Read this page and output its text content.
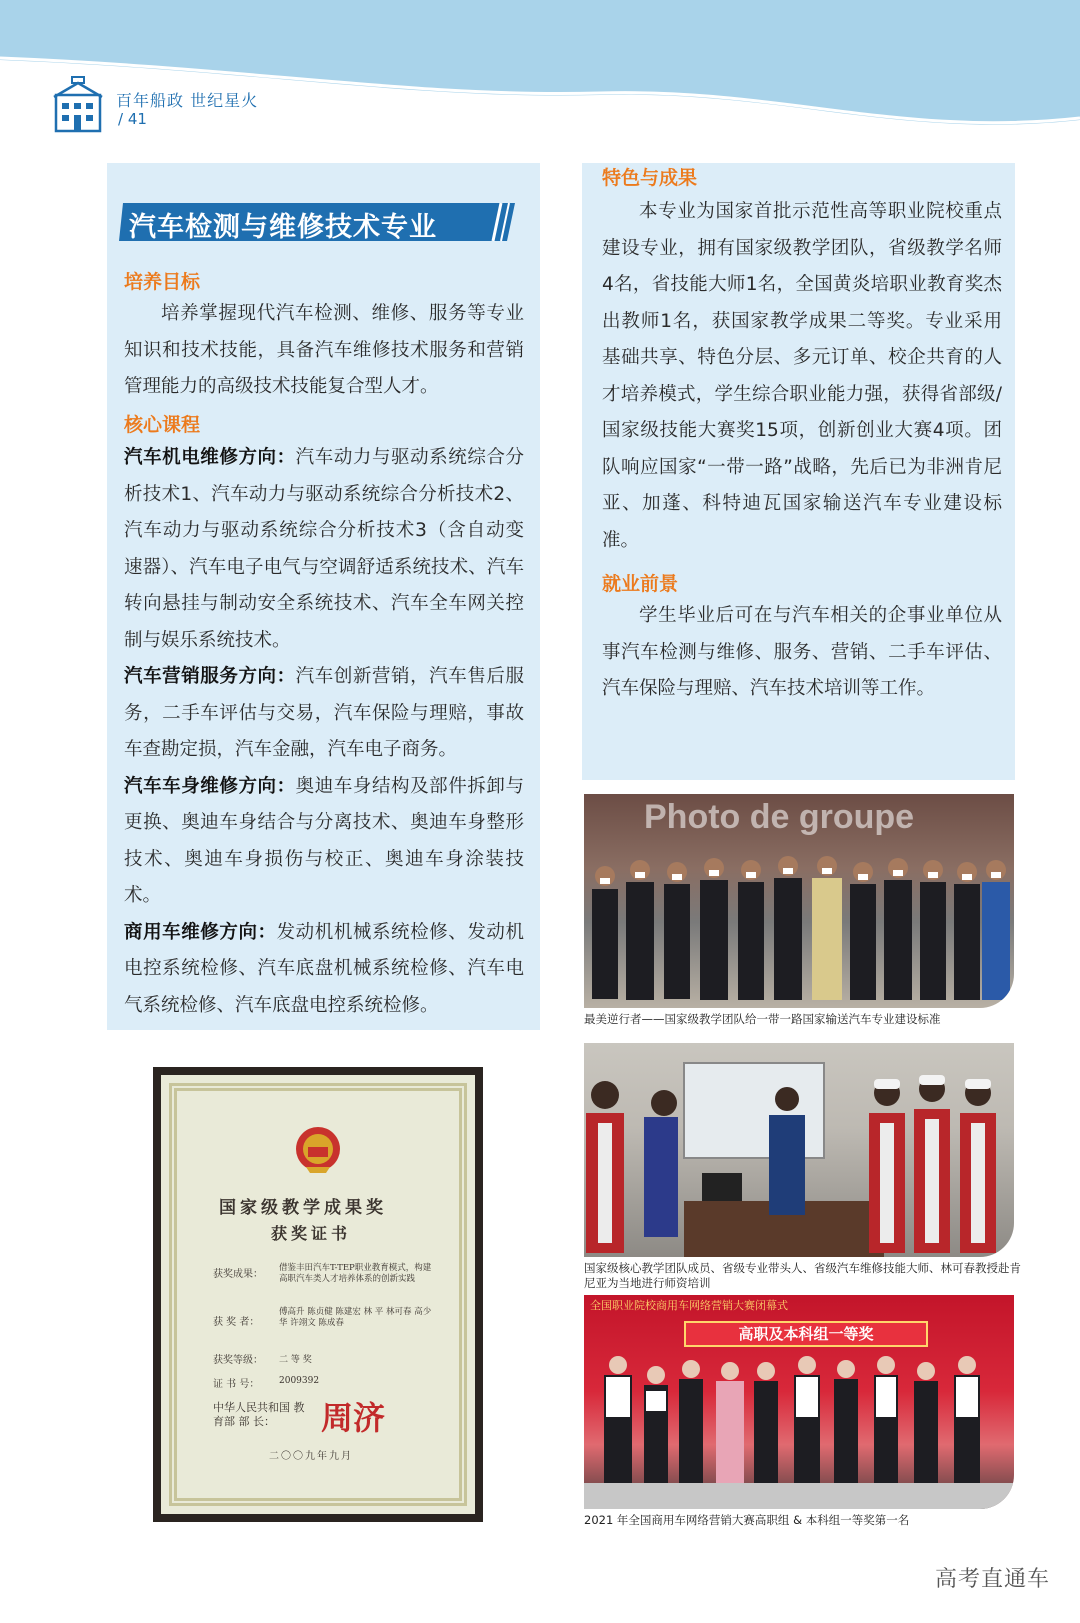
百年船政 世纪星火
/ 41
汽车检测与维修技术专业
培养目标

培养掌握现代汽车检测、维修、服务等专业知识和技术技能，具备汽车维修技术服务和营销管理能力的高级技术技能复合型人才。

核心课程

汽车机电维修方向：汽车动力与驱动系统综合分析技术1、汽车动力与驱动系统综合分析技术2、汽车动力与驱动系统综合分析技术3（含自动变速器）、汽车电子电气与空调舒适系统技术、汽车转向悬挂与制动安全系统技术、汽车全车网关控制与娱乐系统技术。

汽车营销服务方向：汽车创新营销，汽车售后服务，二手车评估与交易，汽车保险与理赔，事故车查勘定损，汽车金融，汽车电子商务。

汽车车身维修方向：奥迪车身结构及部件拆卸与更换、奥迪车身结合与分离技术、奥迪车身整形技术、奥迪车身损伤与校正、奥迪车身涂装技术。

商用车维修方向：发动机机械系统检修、发动机电控系统检修、汽车底盘机械系统检修、汽车电气系统检修、汽车底盘电控系统检修。

特色与成果

本专业为国家首批示范性高等职业院校重点建设专业，拥有国家级教学团队，省级教学名师4名，省技能大师1名，全国黄炎培职业教育奖杰出教师1名，获国家教学成果二等奖。专业采用基础共享、特色分层、多元订单、校企共育的人才培养模式，学生综合职业能力强，获得省部级/国家级技能大赛奖15项，创新创业大赛4项。团队响应国家“一带一路”战略，先后已为非洲肯尼亚、加蓬、科特迪瓦国家输送汽车专业建设标准。

就业前景

学生毕业后可在与汽车相关的企事业单位从事汽车检测与维修、服务、营销、二手车评估、汽车保险与理赔、汽车技术培训等工作。

Photo de groupe
最美逆行者——国家级教学团队给一带一路国家输送汽车专业建设标准
国家级核心教学团队成员、省级专业带头人、省级汽车维修技能大师、林可春教授赴肯尼亚为当地进行师资培训
全国职业院校商用车网络营销大赛闭幕式
高职及本科组一等奖
2021 年全国商用车网络营销大赛高职组 & 本科组一等奖第一名
国家级教学成果奖
获奖证书
获奖成果：
借鉴丰田汽车T-TEP职业教育模式，构建高职汽车类人才培养体系的创新实践
获 奖 者：
傅高升 陈贞健 陈建宏 林 平 林可春 高少华 许翊文 陈成春
获奖等级： 二 等 奖
证 书 号： 2009392
中华人民共和国 教育部 部 长：	周济
二〇〇九年九月
高考直通车
